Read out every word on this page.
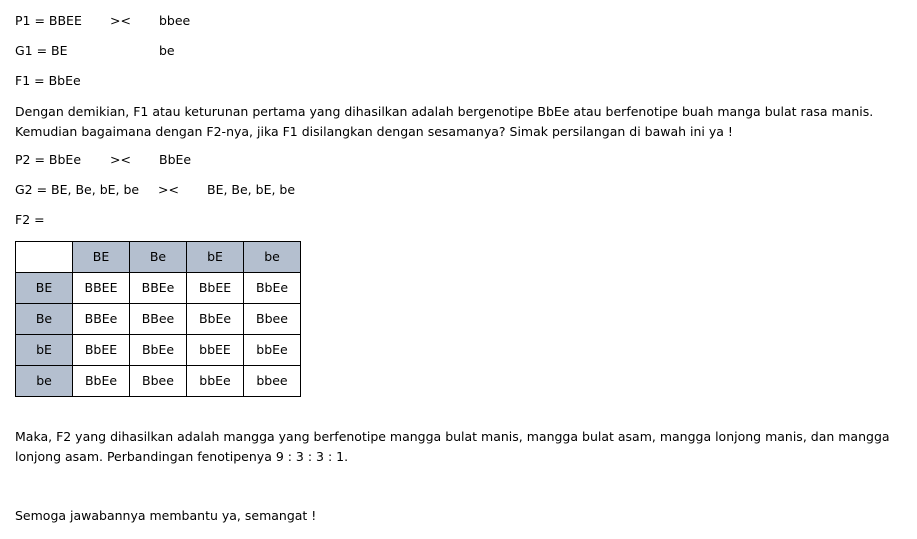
P1 = BBEE >< bbee
G1 = BE	be
F1 = BbEe
Dengan demikian, F1 atau keturunan pertama yang dihasilkan adalah bergenotipe BbEe atau berfenotipe buah manga bulat rasa manis. Kemudian bagaimana dengan F2-nya, jika F1 disilangkan dengan sesamanya? Simak persilangan di bawah ini ya !
P2 = BbEe >< BbEe
G2 = BE, Be, bE, be >< BE, Be, bE, be
F2 =
	BE	Be	bE	be
BE	BBEE	BBEe	BbEE	BbEe
Be	BBEe	BBee	BbEe	Bbee
bE	BbEE	BbEe	bbEE	bbEe
be	BbEe	Bbee	bbEe	bbee
Maka, F2 yang dihasilkan adalah mangga yang berfenotipe mangga bulat manis, mangga bulat asam, mangga lonjong manis, dan mangga lonjong asam. Perbandingan fenotipenya 9 : 3 : 3 : 1.
Semoga jawabannya membantu ya, semangat !
